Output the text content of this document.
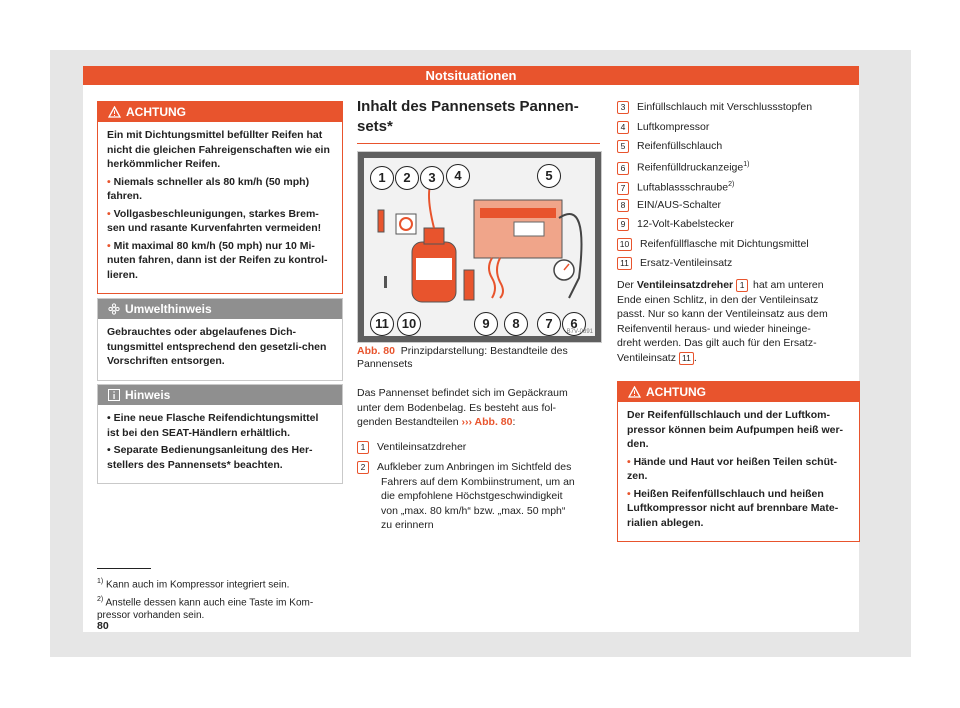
Notsituationen
ACHTUNG

Ein mit Dichtungsmittel befüllter Reifen hat nicht die gleichen Fahreigenschaften wie ein herkömmlicher Reifen.

• Niemals schneller als 80 km/h (50 mph) fahren.

• Vollgasbeschleunigungen, starkes Brem-sen und rasante Kurvenfahrten vermeiden!

• Mit maximal 80 km/h (50 mph) nur 10 Mi-nuten fahren, dann ist der Reifen zu kontrol-lieren.

Umwelthinweis

Gebrauchtes oder abgelaufenes Dich-tungsmittel entsprechend den gesetzli-chen Vorschriften entsorgen.

Hinweis

• Eine neue Flasche Reifendichtungsmittel ist bei den SEAT-Händlern erhältlich.

• Separate Bedienungsanleitung des Her-stellers des Pannensets* beachten.

Inhalt des Pannensets Pannen-
sets*
1	2	3	4	5
6
7
8
9
10
11
B7V-0891
Abb. 80 Prinzipdarstellung: Bestandteile des Pannensets
Das Pannenset befindet sich im Gepäckraum
unter dem Bodenbelag. Es besteht aus fol-
genden Bestandteilen ››› Abb. 80:
1 Ventileinsatzdreher
2 Aufkleber zum Anbringen im Sichtfeld des
Fahrers auf dem Kombiinstrument, um an
die empfohlene Höchstgeschwindigkeit
von „max. 80 km/h“ bzw. „max. 50 mph“
zu erinnern
3 Einfüllschlauch mit Verschlussstopfen
4 Luftkompressor
5 Reifenfüllschlauch
6 Reifenfülldruckanzeige$^{1)}$
7 Luftablassschraube$^{2)}$
8 EIN/AUS-Schalter
9 12-Volt-Kabelstecker
10 Reifenfüllflasche mit Dichtungsmittel
11 Ersatz-Ventileinsatz
Der Ventileinsatzdreher 1 hat am unteren
Ende einen Schlitz, in den der Ventileinsatz
passt. Nur so kann der Ventileinsatz aus dem
Reifenventil heraus- und wieder hineinge-
dreht werden. Das gilt auch für den Ersatz-
Ventileinsatz 11 .
ACHTUNG

Der Reifenfüllschlauch und der Luftkom-pressor können beim Aufpumpen heiß wer-den.

• Hände und Haut vor heißen Teilen schüt-zen.

• Heißen Reifenfüllschlauch und heißen Luftkompressor nicht auf brennbare Mate-rialien ablegen.

$^{1)}$ Kann auch im Kompressor integriert sein.
$^{2)}$ Anstelle dessen kann auch eine Taste im Kom-pressor vorhanden sein.
80
